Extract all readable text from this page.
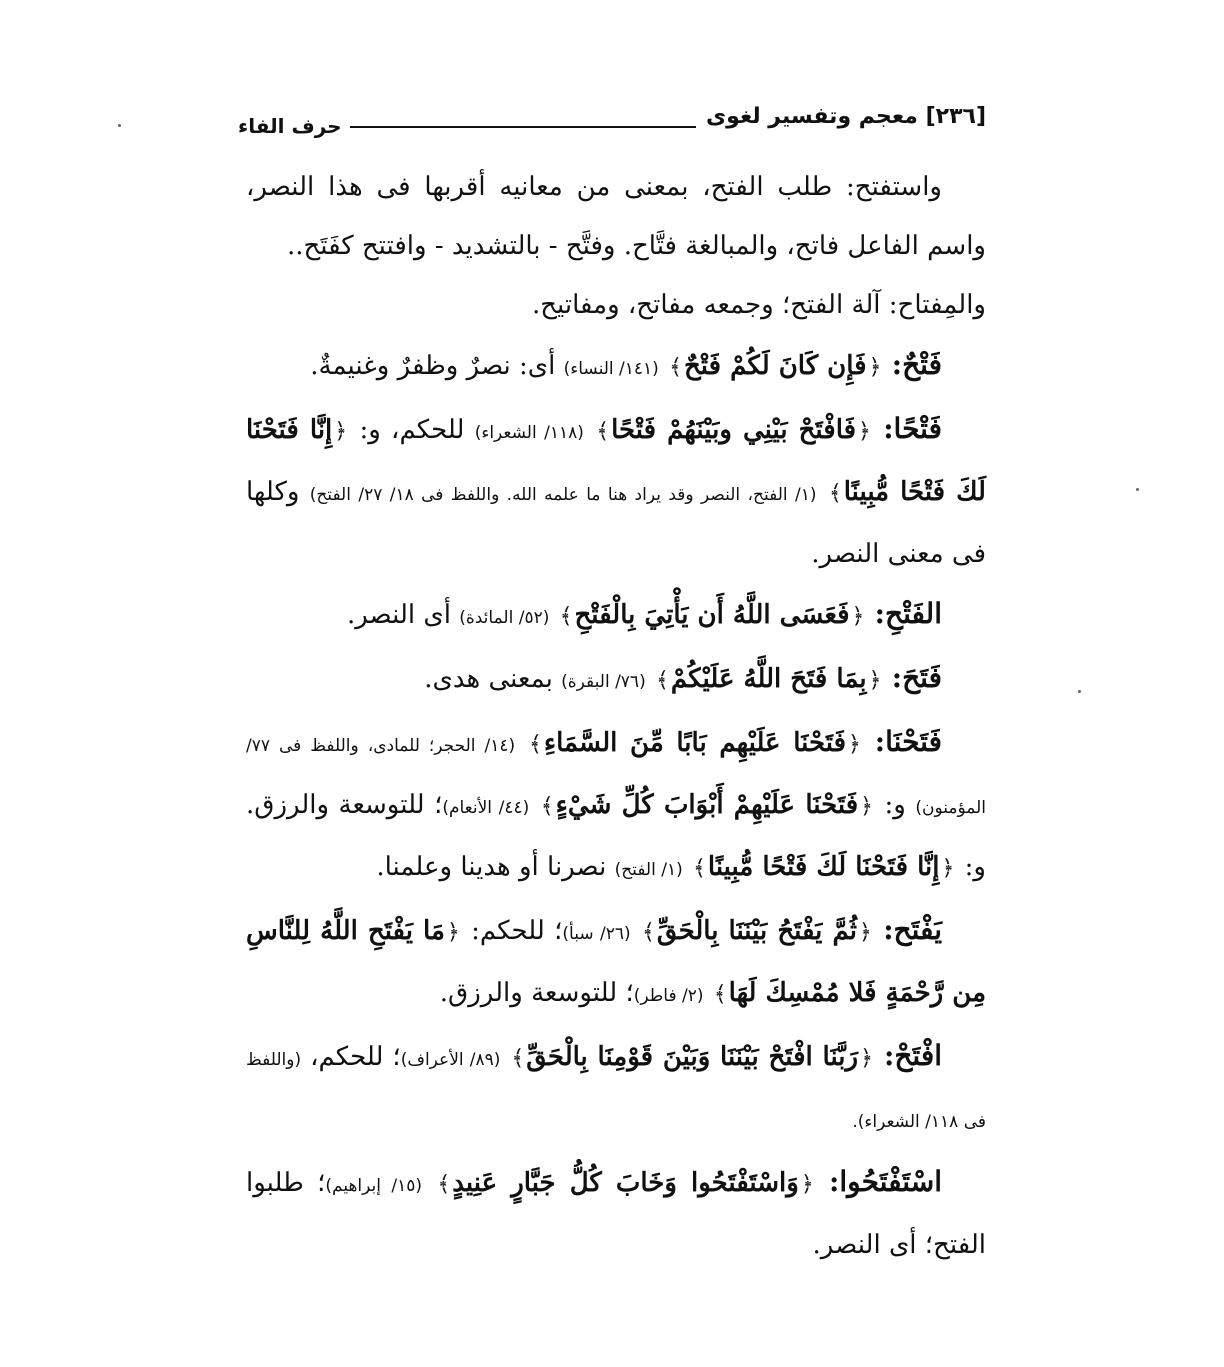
[٢٣٦] معجم وتفسير لغوى
حرف الفاء

واستفتح: طلب الفتح، بمعنى من معانيه أقربها فى هذا النصر، واسم الفاعل فاتح، والمبالغة فتَّاح. وفتَّح - بالتشديد - وافتتح كفَتَح..

والمِفتاح: آلة الفتح؛ وجمعه مفاتح، ومفاتيح.

فَتْحٌ: ﴿فَإِن كَانَ لَكُمْ فَتْحٌ﴾ (١٤١/ النساء) أى: نصرٌ وظفرٌ وغنيمةٌ.

فَتْحًا: ﴿فَافْتَحْ بَيْنِي وبَيْنَهُمْ فَتْحًا﴾ (١١٨/ الشعراء) للحكم، و: ﴿إِنَّا فَتَحْنَا لَكَ فَتْحًا مُّبِينًا﴾ (١/ الفتح، النصر وقد يراد هنا ما علمه الله. واللفظ فى ١٨/ ٢٧/ الفتح) وكلها فى معنى النصر.

الفَتْحِ: ﴿فَعَسَى اللَّهُ أَن يَأْتِيَ بِالْفَتْحِ﴾ (٥٢/ المائدة) أى النصر.

فَتَحَ: ﴿بِمَا فَتَحَ اللَّهُ عَلَيْكُمْ﴾ (٧٦/ البقرة) بمعنى هدى.

فَتَحْنَا: ﴿فَتَحْنَا عَلَيْهِم بَابًا مِّنَ السَّمَاءِ﴾ (١٤/ الحجر؛ للمادى، واللفظ فى ٧٧/ المؤمنون) و: ﴿فَتَحْنَا عَلَيْهِمْ أَبْوَابَ كُلِّ شَيْءٍ﴾ (٤٤/ الأنعام)؛ للتوسعة والرزق. و: ﴿إِنَّا فَتَحْنَا لَكَ فَتْحًا مُّبِينًا﴾ (١/ الفتح) نصرنا أو هدينا وعلمنا.

يَفْتَح: ﴿ثُمَّ يَفْتَحُ بَيْنَنَا بِالْحَقِّ﴾ (٢٦/ سبأ)؛ للحكم: ﴿مَا يَفْتَحِ اللَّهُ لِلنَّاسِ مِن رَّحْمَةٍ فَلا مُمْسِكَ لَهَا﴾ (٢/ فاطر)؛ للتوسعة والرزق.

افْتَحْ: ﴿رَبَّنَا افْتَحْ بَيْنَنَا وَبَيْنَ قَوْمِنَا بِالْحَقِّ﴾ (٨٩/ الأعراف)؛ للحكم، (واللفظ فى ١١٨/ الشعراء).

اسْتَفْتَحُوا: ﴿وَاسْتَفْتَحُوا وَخَابَ كُلُّ جَبَّارٍ عَنِيدٍ﴾ (١٥/ إبراهيم)؛ طلبوا الفتح؛ أى النصر.
